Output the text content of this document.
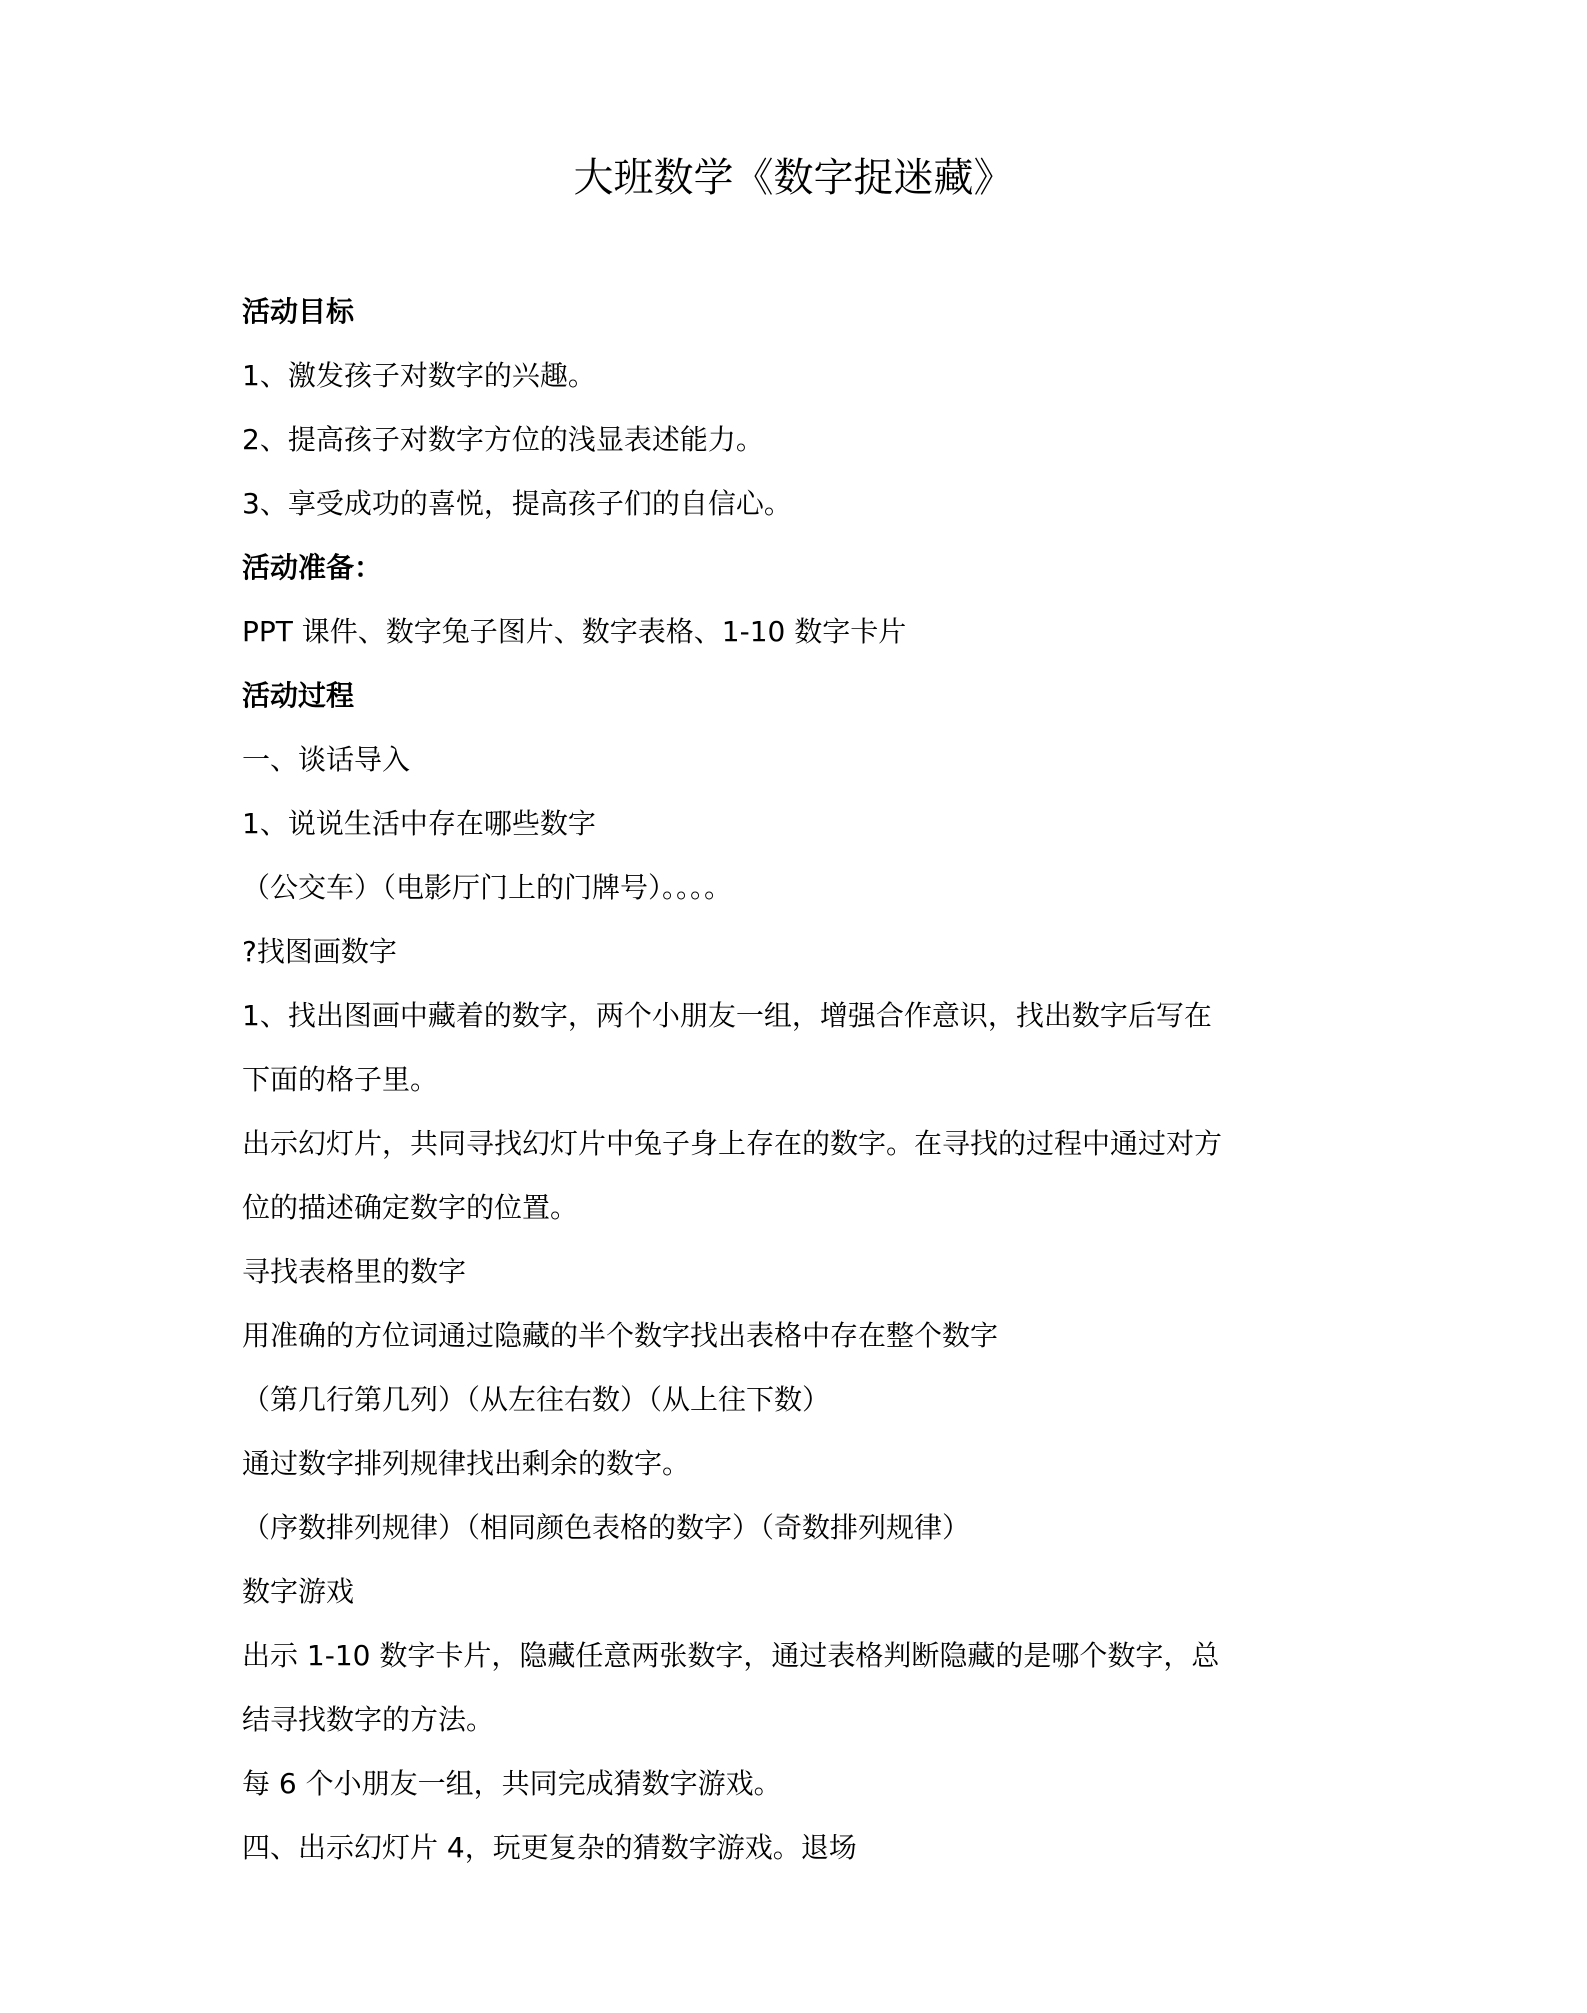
大班数学《数字捉迷藏》
活动目标
1、激发孩子对数字的兴趣。
2、提高孩子对数字方位的浅显表述能力。
3、享受成功的喜悦，提高孩子们的自信心。
活动准备：
PPT 课件、数字兔子图片、数字表格、1-10 数字卡片
活动过程
一、谈话导入
1、说说生活中存在哪些数字
（公交车）（电影厅门上的门牌号）。。。。
?找图画数字
1、找出图画中藏着的数字，两个小朋友一组，增强合作意识，找出数字后写在
下面的格子里。
出示幻灯片，共同寻找幻灯片中兔子身上存在的数字。在寻找的过程中通过对方
位的描述确定数字的位置。
寻找表格里的数字
用准确的方位词通过隐藏的半个数字找出表格中存在整个数字
（第几行第几列）（从左往右数）（从上往下数）
通过数字排列规律找出剩余的数字。
（序数排列规律）（相同颜色表格的数字）（奇数排列规律）
数字游戏
出示 1-10 数字卡片，隐藏任意两张数字，通过表格判断隐藏的是哪个数字，总
结寻找数字的方法。
每 6 个小朋友一组，共同完成猜数字游戏。
四、出示幻灯片 4，玩更复杂的猜数字游戏。退场
